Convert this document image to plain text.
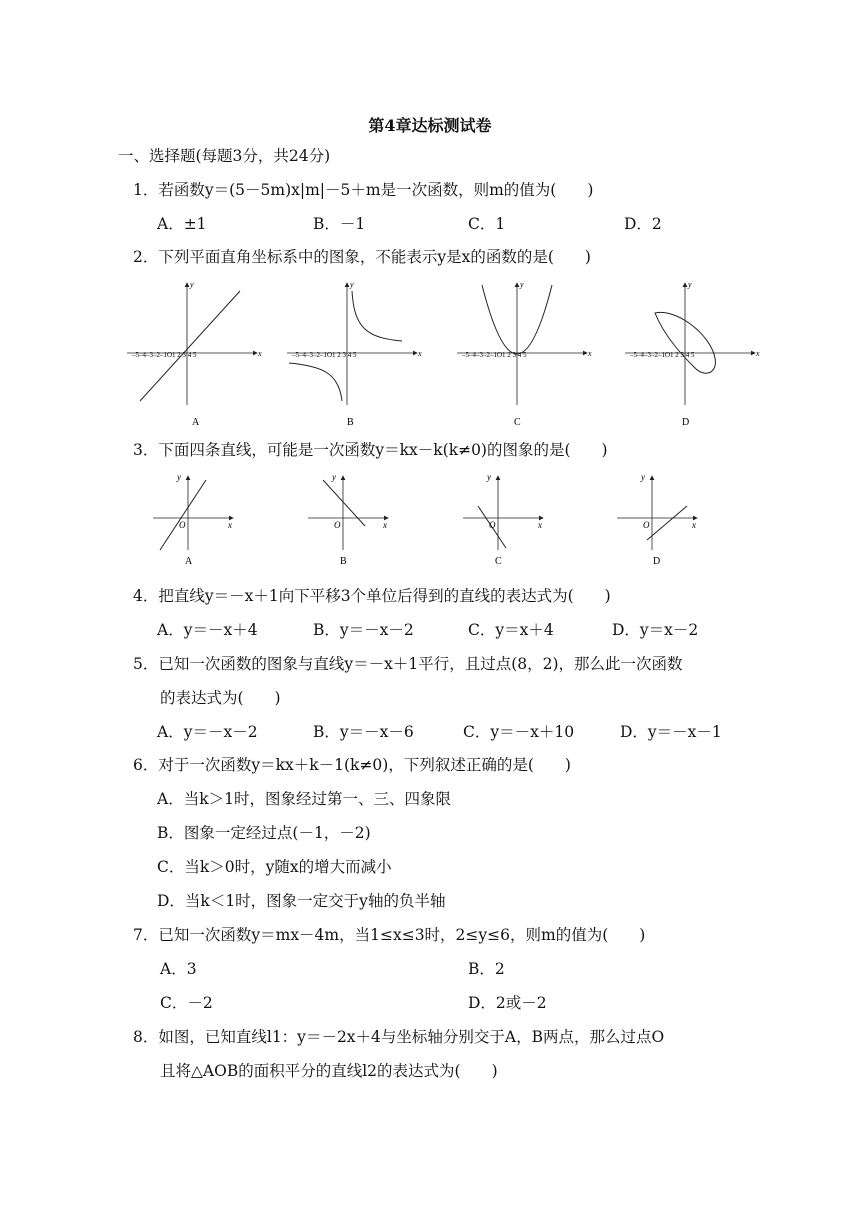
第4章达标测试卷
一、选择题(每题3分，共24分)
1．若函数y＝(5－5m)x|m|－5＋m是一次函数，则m的值为(　　)
A．±1	B．－1	C．1	D．2
2．下列平面直角坐标系中的图象，不能表示y是x的函数的是(　　)
–5–4–3–2–1O1 2 3 4 5
y
x	–5–4–3–2–1O1 2 3 4 5
y
x	–5–4–3–2–1O1 2 3 4 5
y
x	–5–4–3–2–1O1 2 3 4 5
y
x
A	B	C	D
3．下面四条直线，可能是一次函数y＝kx－k(k≠0)的图象的是(　　)
y
x
O
y
x
O
y
x
O
y
x
O
A	B	C	D
4．把直线y＝－x＋1向下平移3个单位后得到的直线的表达式为(　　)
A．y＝－x＋4	B．y＝－x－2	C．y＝x＋4	D．y＝x－2
5．已知一次函数的图象与直线y＝－x＋1平行，且过点(8，2)，那么此一次函数
的表达式为(　　)
A．y＝－x－2	B．y＝－x－6	C．y＝－x＋10	D．y＝－x－1
6．对于一次函数y＝kx＋k－1(k≠0)，下列叙述正确的是(　　)
A．当k＞1时，图象经过第一、三、四象限
B．图象一定经过点(－1，－2)
C．当k＞0时，y随x的增大而减小
D．当k＜1时，图象一定交于y轴的负半轴
7．已知一次函数y＝mx－4m，当1≤x≤3时，2≤y≤6，则m的值为(　　)
A．3	B．2
C．－2	D．2或－2
8．如图，已知直线l1：y＝－2x＋4与坐标轴分别交于A，B两点，那么过点O
且将△AOB的面积平分的直线l2的表达式为(　　)
